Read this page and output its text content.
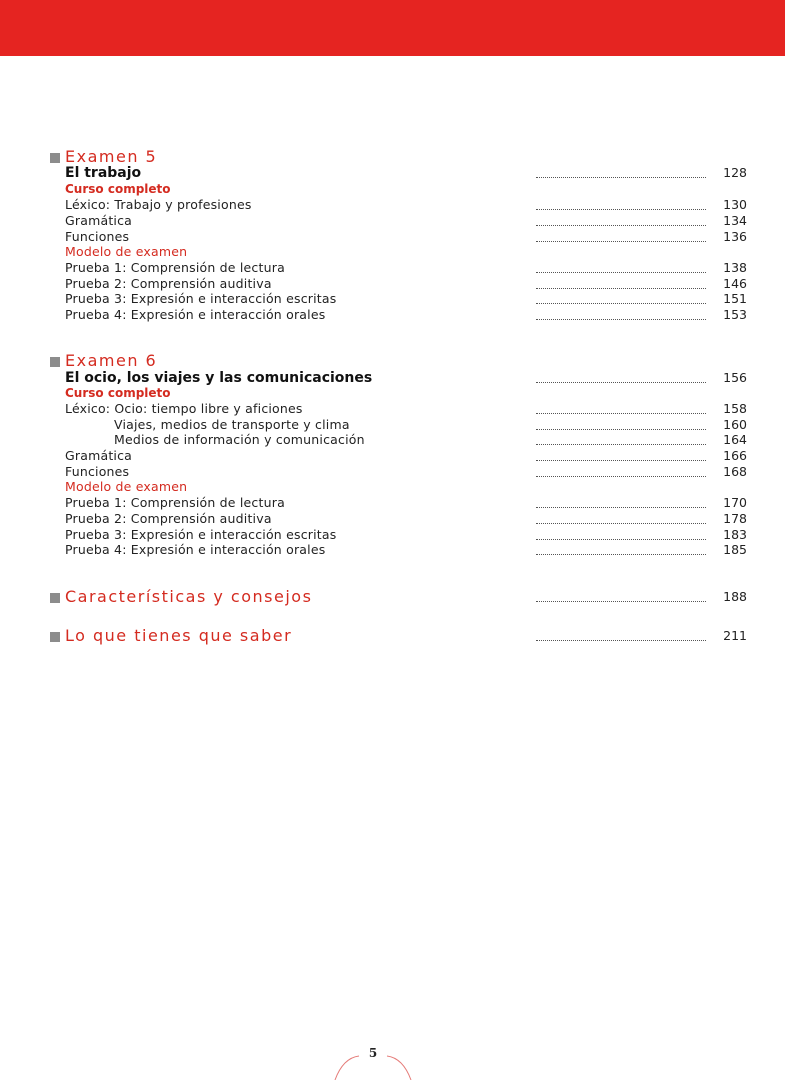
Examen 5
El trabajo	128
Curso completo
Léxico: Trabajo y profesiones	130
Gramática	134
Funciones	136
Modelo de examen
Prueba 1: Comprensión de lectura	138
Prueba 2: Comprensión auditiva	146
Prueba 3: Expresión e interacción escritas	151
Prueba 4: Expresión e interacción orales	153
Examen 6
El ocio, los viajes y las comunicaciones	156
Curso completo
Léxico: Ocio: tiempo libre y aficiones	158
Viajes, medios de transporte y clima	160
Medios de información y comunicación	164
Gramática	166
Funciones	168
Modelo de examen
Prueba 1: Comprensión de lectura	170
Prueba 2: Comprensión auditiva	178
Prueba 3: Expresión e interacción escritas	183
Prueba 4: Expresión e interacción orales	185
Características y consejos	188
Lo que tienes que saber	211
5
